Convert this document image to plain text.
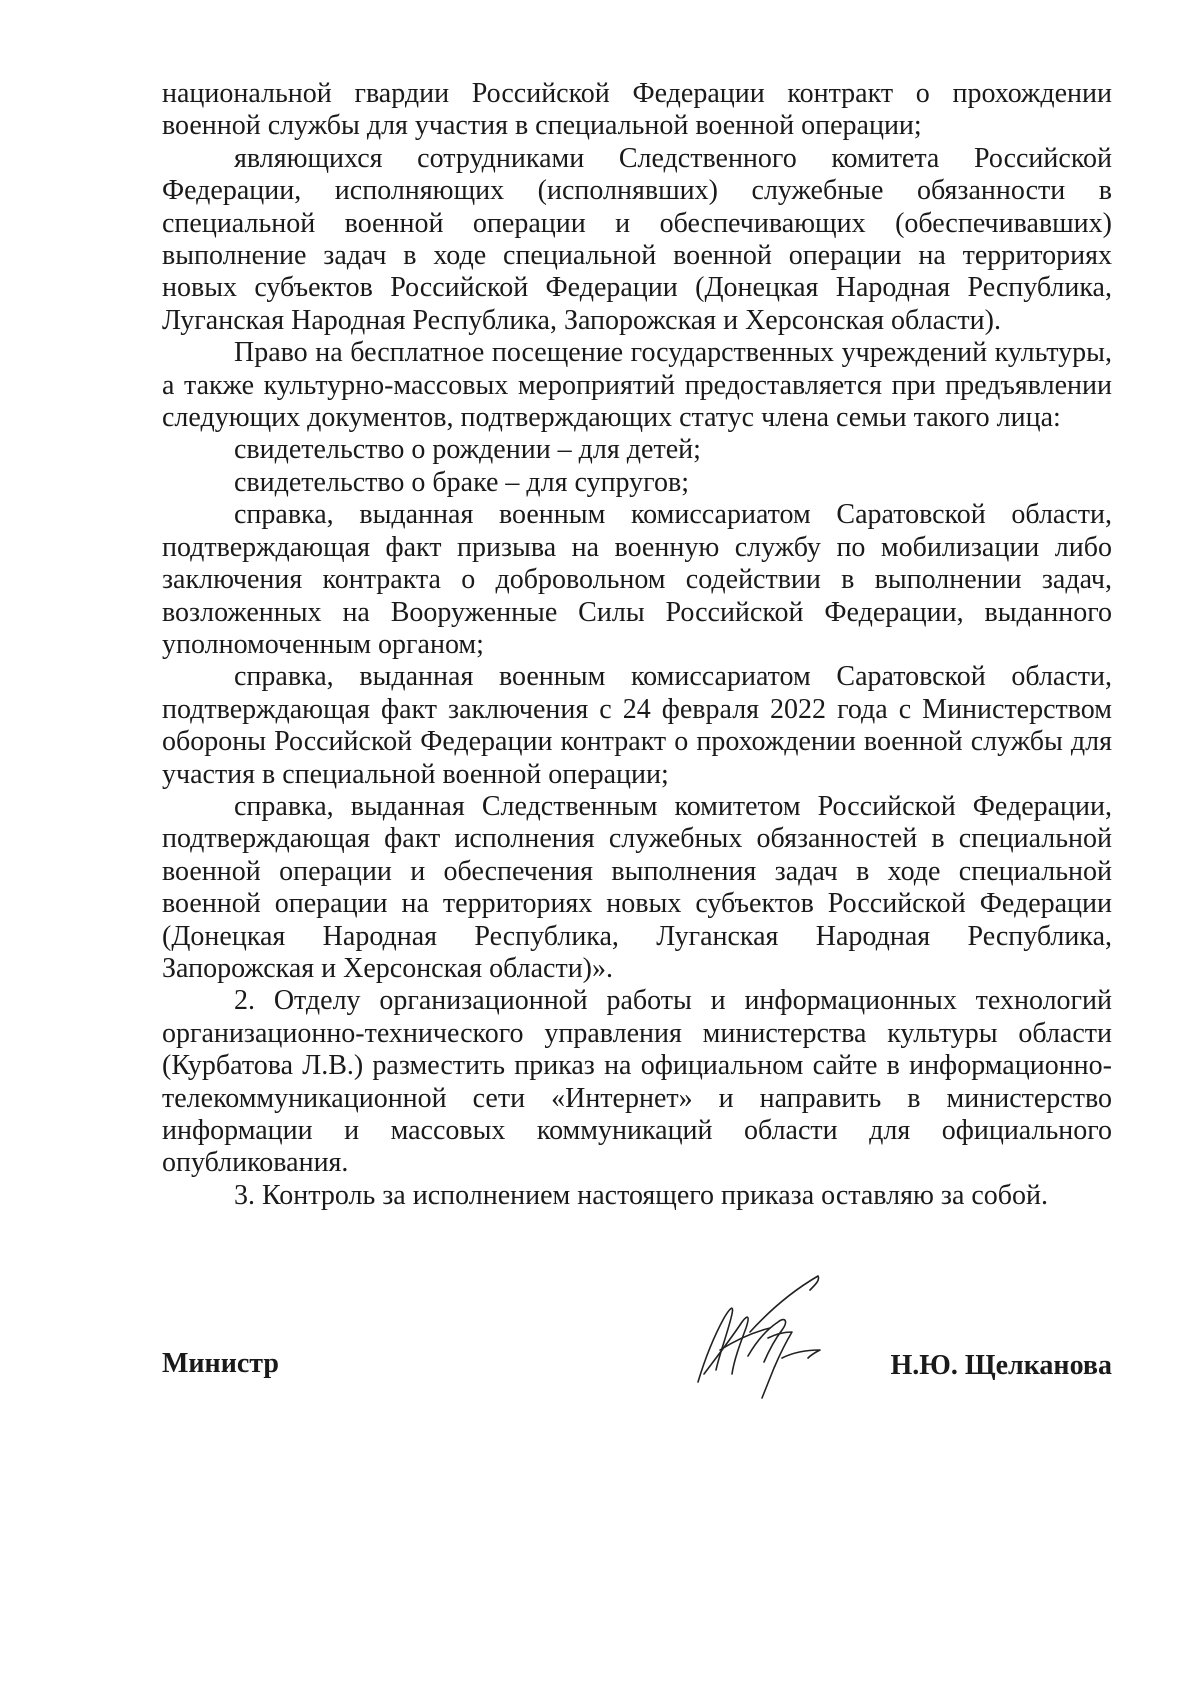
национальной гвардии Российской Федерации контракт о прохождении военной службы для участия в специальной военной операции;

являющихся сотрудниками Следственного комитета Российской Федерации, исполняющих (исполнявших) служебные обязанности в специальной военной операции и обеспечивающих (обеспечивавших) выполнение задач в ходе специальной военной операции на территориях новых субъектов Российской Федерации (Донецкая Народная Республика, Луганская Народная Республика, Запорожская и Херсонская области).

Право на бесплатное посещение государственных учреждений культуры, а также культурно-массовых мероприятий предоставляется при предъявлении следующих документов, подтверждающих статус члена семьи такого лица:

свидетельство о рождении – для детей;

свидетельство о браке – для супругов;

справка, выданная военным комиссариатом Саратовской области, подтверждающая факт призыва на военную службу по мобилизации либо заключения контракта о добровольном содействии в выполнении задач, возложенных на Вооруженные Силы Российской Федерации, выданного уполномоченным органом;

справка, выданная военным комиссариатом Саратовской области, подтверждающая факт заключения с 24 февраля 2022 года с Министерством обороны Российской Федерации контракт о прохождении военной службы для участия в специальной военной операции;

справка, выданная Следственным комитетом Российской Федерации, подтверждающая факт исполнения служебных обязанностей в специальной военной операции и обеспечения выполнения задач в ходе специальной военной операции на территориях новых субъектов Российской Федерации (Донецкая Народная Республика, Луганская Народная Республика, Запорожская и Херсонская области)».

2. Отделу организационной работы и информационных технологий организационно-технического управления министерства культуры области (Курбатова Л.В.) разместить приказ на официальном сайте в информационно-телекоммуникационной сети «Интернет» и направить в министерство информации и массовых коммуникаций области для официального опубликования.

3. Контроль за исполнением настоящего приказа оставляю за собой.

Министр	Н.Ю. Щелканова
